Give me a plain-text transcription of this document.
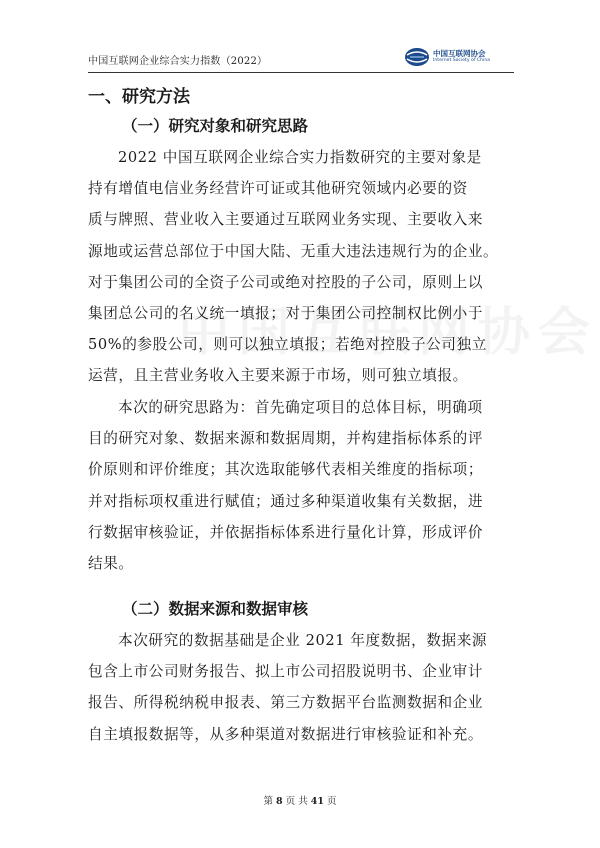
中国互联网企业综合实力指数（2022）
中国互联网协会
Internet Society of China
一、研究方法
（一）研究对象和研究思路

2022 中国互联网企业综合实力指数研究的主要对象是
持有增值电信业务经营许可证或其他研究领域内必要的资
质与牌照、营业收入主要通过互联网业务实现、主要收入来
源地或运营总部位于中国大陆、无重大违法违规行为的企业。
对于集团公司的全资子公司或绝对控股的子公司，原则上以
集团总公司的名义统一填报；对于集团公司控制权比例小于
50%的参股公司，则可以独立填报；若绝对控股子公司独立
运营，且主营业务收入主要来源于市场，则可独立填报。

本次的研究思路为：首先确定项目的总体目标，明确项
目的研究对象、数据来源和数据周期，并构建指标体系的评
价原则和评价维度；其次选取能够代表相关维度的指标项；
并对指标项权重进行赋值；通过多种渠道收集有关数据，进
行数据审核验证，并依据指标体系进行量化计算，形成评价
结果。

（二）数据来源和数据审核

本次研究的数据基础是企业 2021 年度数据，数据来源
包含上市公司财务报告、拟上市公司招股说明书、企业审计
报告、所得税纳税申报表、第三方数据平台监测数据和企业
自主填报数据等，从多种渠道对数据进行审核验证和补充。

第 8 页 共 41 页
